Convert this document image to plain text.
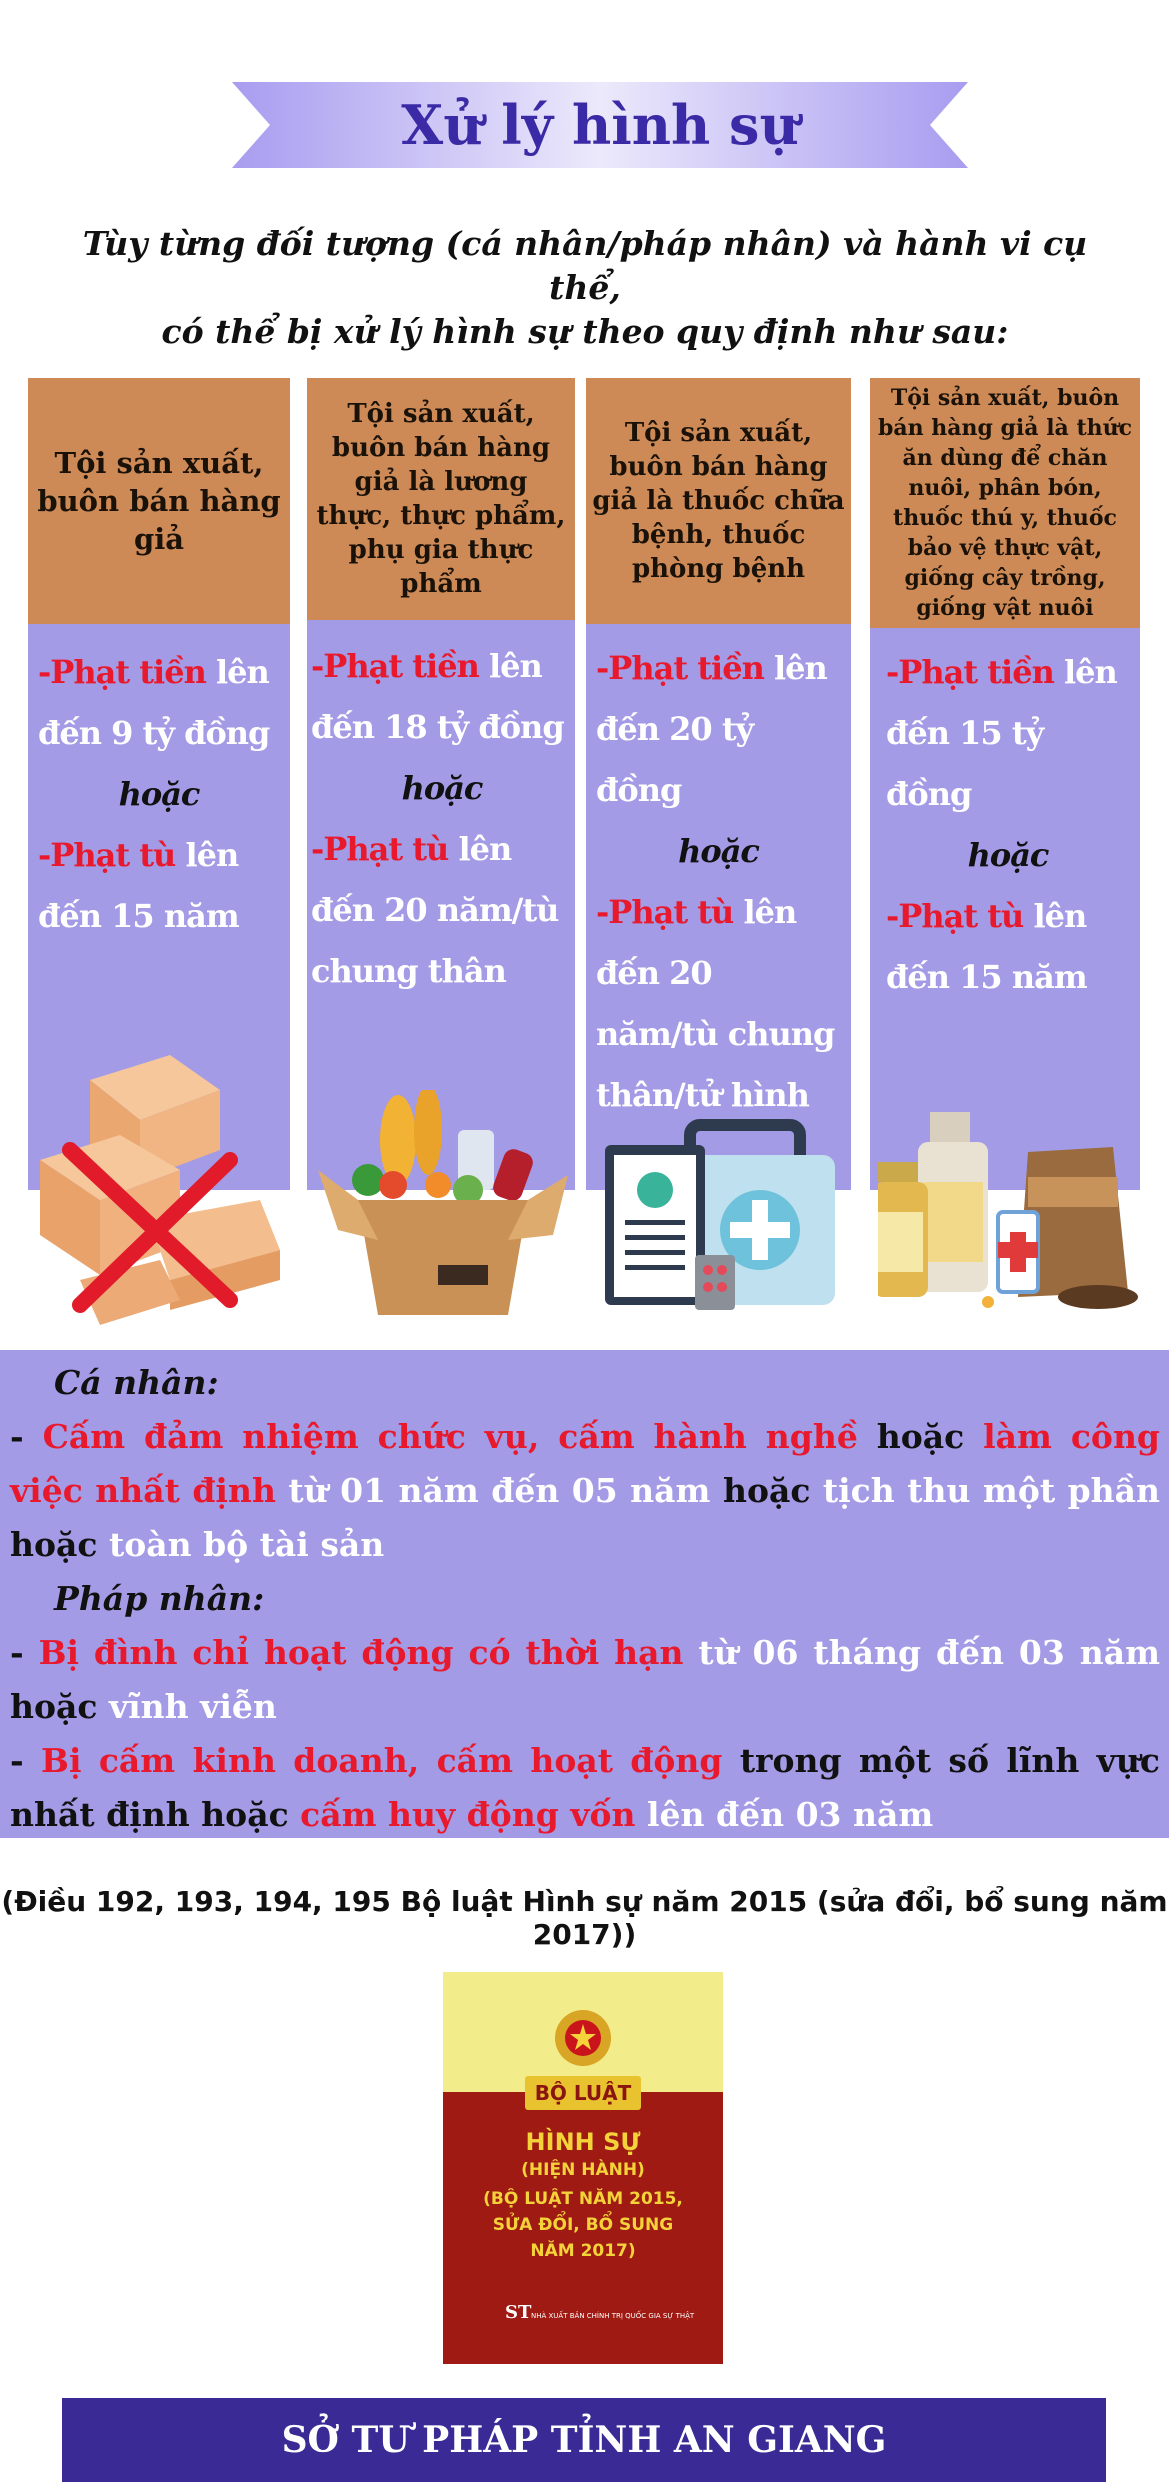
Xử lý hình sự
Tùy từng đối tượng (cá nhân/pháp nhân) và hành vi cụ thể,
có thể bị xử lý hình sự theo quy định như sau:
Tội sản xuất, buôn bán hàng giả
-Phạt tiền lên đến 9 tỷ đồng
hoặc
-Phạt tù lên đến 15 năm
Tội sản xuất, buôn bán hàng giả là lương thực, thực phẩm, phụ gia thực phẩm
-Phạt tiền lên đến 18 tỷ đồng
hoặc
-Phạt tù lên đến 20 năm/tù chung thân
Tội sản xuất, buôn bán hàng giả là thuốc chữa bệnh, thuốc phòng bệnh
-Phạt tiền lên đến 20 tỷ đồng
hoặc
-Phạt tù lên đến 20 năm/tù chung thân/tử hình
Tội sản xuất, buôn bán hàng giả là thức ăn dùng để chăn nuôi, phân bón, thuốc thú y, thuốc bảo vệ thực vật, giống cây trồng, giống vật nuôi
-Phạt tiền lên đến 15 tỷ đồng
hoặc
-Phạt tù lên đến 15 năm
Cá nhân:
- Cấm đảm nhiệm chức vụ, cấm hành nghề hoặc làm công việc nhất định từ 01 năm đến 05 năm hoặc tịch thu một phần hoặc toàn bộ tài sản
Pháp nhân:
- Bị đình chỉ hoạt động có thời hạn từ 06 tháng đến 03 năm hoặc vĩnh viễn
- Bị cấm kinh doanh, cấm hoạt động trong một số lĩnh vực nhất định hoặc cấm huy động vốn lên đến 03 năm
(Điều 192, 193, 194, 195 Bộ luật Hình sự năm 2015 (sửa đổi, bổ sung năm 2017))
BỘ LUẬT
HÌNH SỰ
(HIỆN HÀNH)
(BỘ LUẬT NĂM 2015, SỬA ĐỔI, BỔ SUNG NĂM 2017)
ST NHÀ XUẤT BẢN CHÍNH TRỊ QUỐC GIA SỰ THẬT
SỞ TƯ PHÁP TỈNH AN GIANG
